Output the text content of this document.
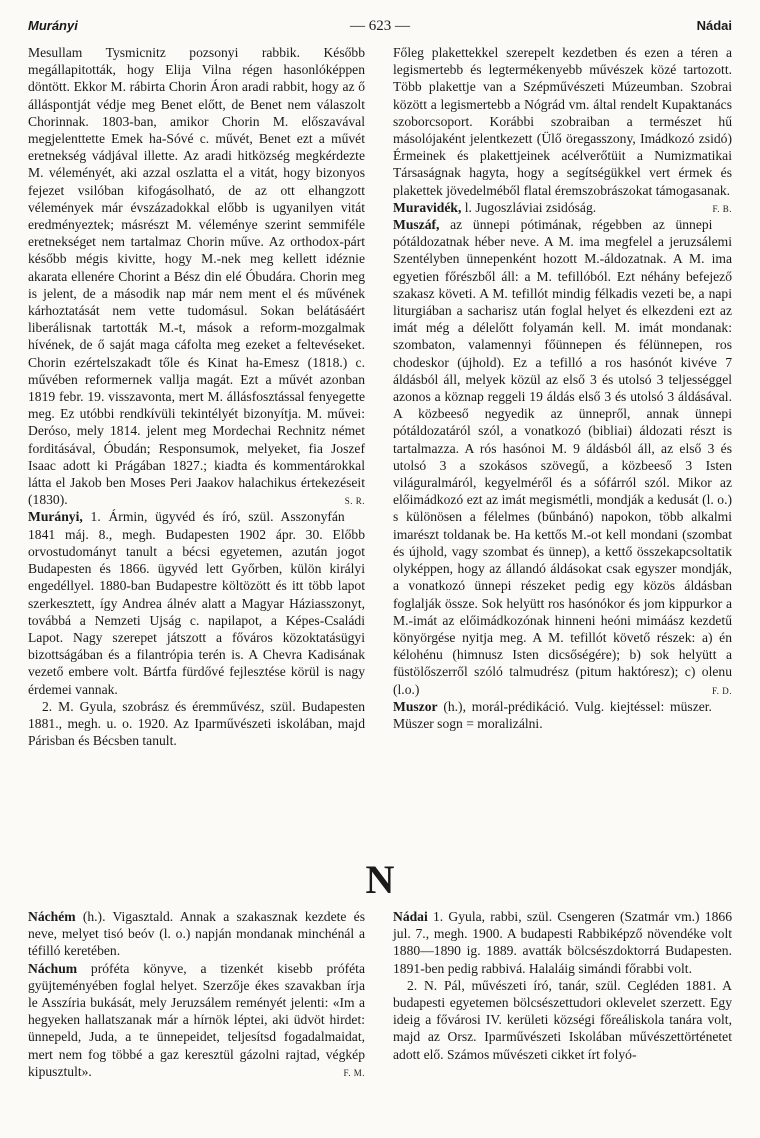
Murányi	— 623 —	Nádai

Mesullam Tysmicnitz pozsonyi rabbik. Később megállapitották, hogy Elija Vilna régen hasonlóképpen döntött. Ekkor M. rábirta Chorin Áron aradi rabbit, hogy az ő álláspontját védje meg Benet előtt, de Benet nem válaszolt Chorinnak. 1803-ban, amikor Chorin M. előszavával megjelenttette Emek ha-Sóvé c. művét, Benet ezt a művét eretnekség vádjával illette. Az aradi hitközség megkérdezte M. véleményét, aki azzal oszlatta el a vitát, hogy bizonyos fejezet vsilóban kifogásolható, de az ott elhangzott vélemények már évszázadokkal előbb is ugyanilyen vitát eredményeztek; másrészt M. véleménye szerint semmiféle eretnekséget nem tartalmaz Chorin műve. Az orthodox-párt később mégis kivitte, hogy M.-nek meg kellett idéznie akarata ellenére Chorint a Bész din elé Óbudára. Chorin meg is jelent, de a második nap már nem ment el és művének kárhoztatását nem vette tudomásul. Sokan belátásáért liberálisnak tartották M.-t, mások a reform-mozgalmak hívének, de ő saját maga cáfolta meg ezeket a feltevéseket. Chorin ezértelszakadt tőle és Kinat ha-Emesz (1818.) c. művében reformernek vallja magát. Ezt a művét azonban 1819 febr. 19. visszavonta, mert M. állásfosztással fenyegette meg. Ez utóbbi rendkívüli tekintélyét bizonyítja. M. művei: Deróso, mely 1814. jelent meg Mordechai Rechnitz német forditásával, Óbudán; Responsumok, melyeket, fia Joszef Isaac adott ki Prágában 1827.; kiadta és kommentárokkal látta el Jakob ben Moses Peri Jaakov halachikus értekezéseit (1830).	S. R.

Murányi, 1. Ármin, ügyvéd és író, szül. Asszonyfán 1841 máj. 8., megh. Budapesten 1902 ápr. 30. Előbb orvostudományt tanult a bécsi egyetemen, azután jogot Budapesten és 1866. ügyvéd lett Győrben, külön királyi engedéllyel. 1880-ban Budapestre költözött és itt több lapot szerkesztett, így Andrea álnév alatt a Magyar Háziasszonyt, továbbá a Nemzeti Ujság c. napilapot, a Képes-Családi Lapot. Nagy szerepet játszott a főváros közoktatásügyi bizottságában és a filantrópia terén is. A Chevra Kadisának vezető embere volt. Bártfa fürdővé fejlesztése körül is nagy érdemei vannak.

2. M. Gyula, szobrász és éremművész, szül. Budapesten 1881., megh. u. o. 1920. Az Iparművészeti iskolában, majd Párisban és Bécsben tanult.

Főleg plakettekkel szerepelt kezdetben és ezen a téren a legismertebb és legtermékenyebb művészek közé tartozott. Több plakettje van a Szépművészeti Múzeumban. Szobrai között a legismertebb a Nógrád vm. által rendelt Kupaktanács szoborcsoport. Korábbi szobraiban a természet hű másolójaként jelentkezett (Ülő öregasszony, Imádkozó zsidó) Érmeinek és plakettjeinek acélverőtüit a Numizmatikai Társaságnak hagyta, hogy a segítségükkel vert érmek és plakettek jövedelméből flatal éremszobrászokat támogasanak.
F. B.

Muravidék, l. Jugoszláviai zsidóság.

Muszáf, az ünnepi pótimának, régebben az ünnepi pótáldozatnak héber neve. A M. ima megfelel a jeruzsálemi Szentélyben ünnepenként hozott M.-áldozatnak. A M. ima egyetien főrészből áll: a M. tefillóból. Ezt néhány befejező szakasz követi. A M. tefillót mindig félkadis vezeti be, a napi liturgiában a sacharisz után foglal helyet és elkezdeni ezt az imát még a délelőtt folyamán kell. M. imát mondanak: szombaton, valamennyi főünnepen és félünnepen, ros chodeskor (újhold). Ez a tefilló a ros hasónót kivéve 7 áldásból áll, melyek közül az első 3 és utolsó 3 teljességgel azonos a köznap reggeli 19 áldás első 3 és utolsó 3 áldásával. A közbeeső negyedik az ünnepről, annak ünnepi pótáldozatáról szól, a vonatkozó (bibliai) áldozati részt is tartalmazza. A rós hasónoi M. 9 áldásból áll, az első 3 és utolsó 3 a szokásos szövegű, a közbeeső 3 Isten világuralmáról, kegyelméről és a sófárról szól. Mikor az előimádkozó ezt az imát megismétli, mondják a kedusát (l. o.) s különösen a félelmes (bűnbánó) napokon, több alkalmi imarészt toldanak be. Ha kettős M.-ot kell mondani (szombat és újhold, vagy szombat és ünnep), a kettő összekapcsoltatik olyképpen, hogy az állandó áldásokat csak egyszer mondják, a vonatkozó ünnepi részeket pedig egy közös áldásban foglalják össze. Sok helyütt ros hasónókor és jom kippurkor a M.-imát az előimádkozónak hinneni heóni mimáász kezdetű könyörgése nyitja meg. A M. tefillót követő részek: a) én kélohénu (himnusz Isten dicsőségére); b) sok helyütt a füstölőszerről szóló talmudrész (pitum haktóresz); c) olenu (l.o.)	F. D.

Muszor (h.), morál-prédikáció. Vulg. kiejtéssel: müszer. Müszer sogn = moralizálni.

N

Náchém (h.). Vigasztald. Annak a szakasznak kezdete és neve, melyet tisó beóv (l. o.) napján mondanak minchénál a téfilló keretében.

Náchum próféta könyve, a tizenkét kisebb próféta gyüjteményében foglal helyet. Szerzője ékes szavakban írja le Asszíria bukását, mely Jeruzsálem reményét jelenti: «Im a hegyeken hallatszanak már a hírnök léptei, aki üdvöt hirdet: ünnepeld, Juda, a te ünnepeidet, teljesítsd fogadalmaidat, mert nem fog többé a gaz keresztül gázolni rajtad, végkép kipusztult».	F. M.

Nádai 1. Gyula, rabbi, szül. Csengeren (Szatmár vm.) 1866 jul. 7., megh. 1900. A budapesti Rabbiképző növendéke volt 1880—1890 ig. 1889. avatták bölcsészdoktorrá Budapesten. 1891-ben pedig rabbivá. Halaláig simándi főrabbi volt.

2. N. Pál, művészeti író, tanár, szül. Cegléden 1881. A budapesti egyetemen bölcsészettudori oklevelet szerzett. Egy ideig a fővárosi IV. kerületi községi főreáliskola tanára volt, majd az Orsz. Iparművészeti Iskolában művészettörténetet adott elő. Számos művészeti cikket írt folyó-
